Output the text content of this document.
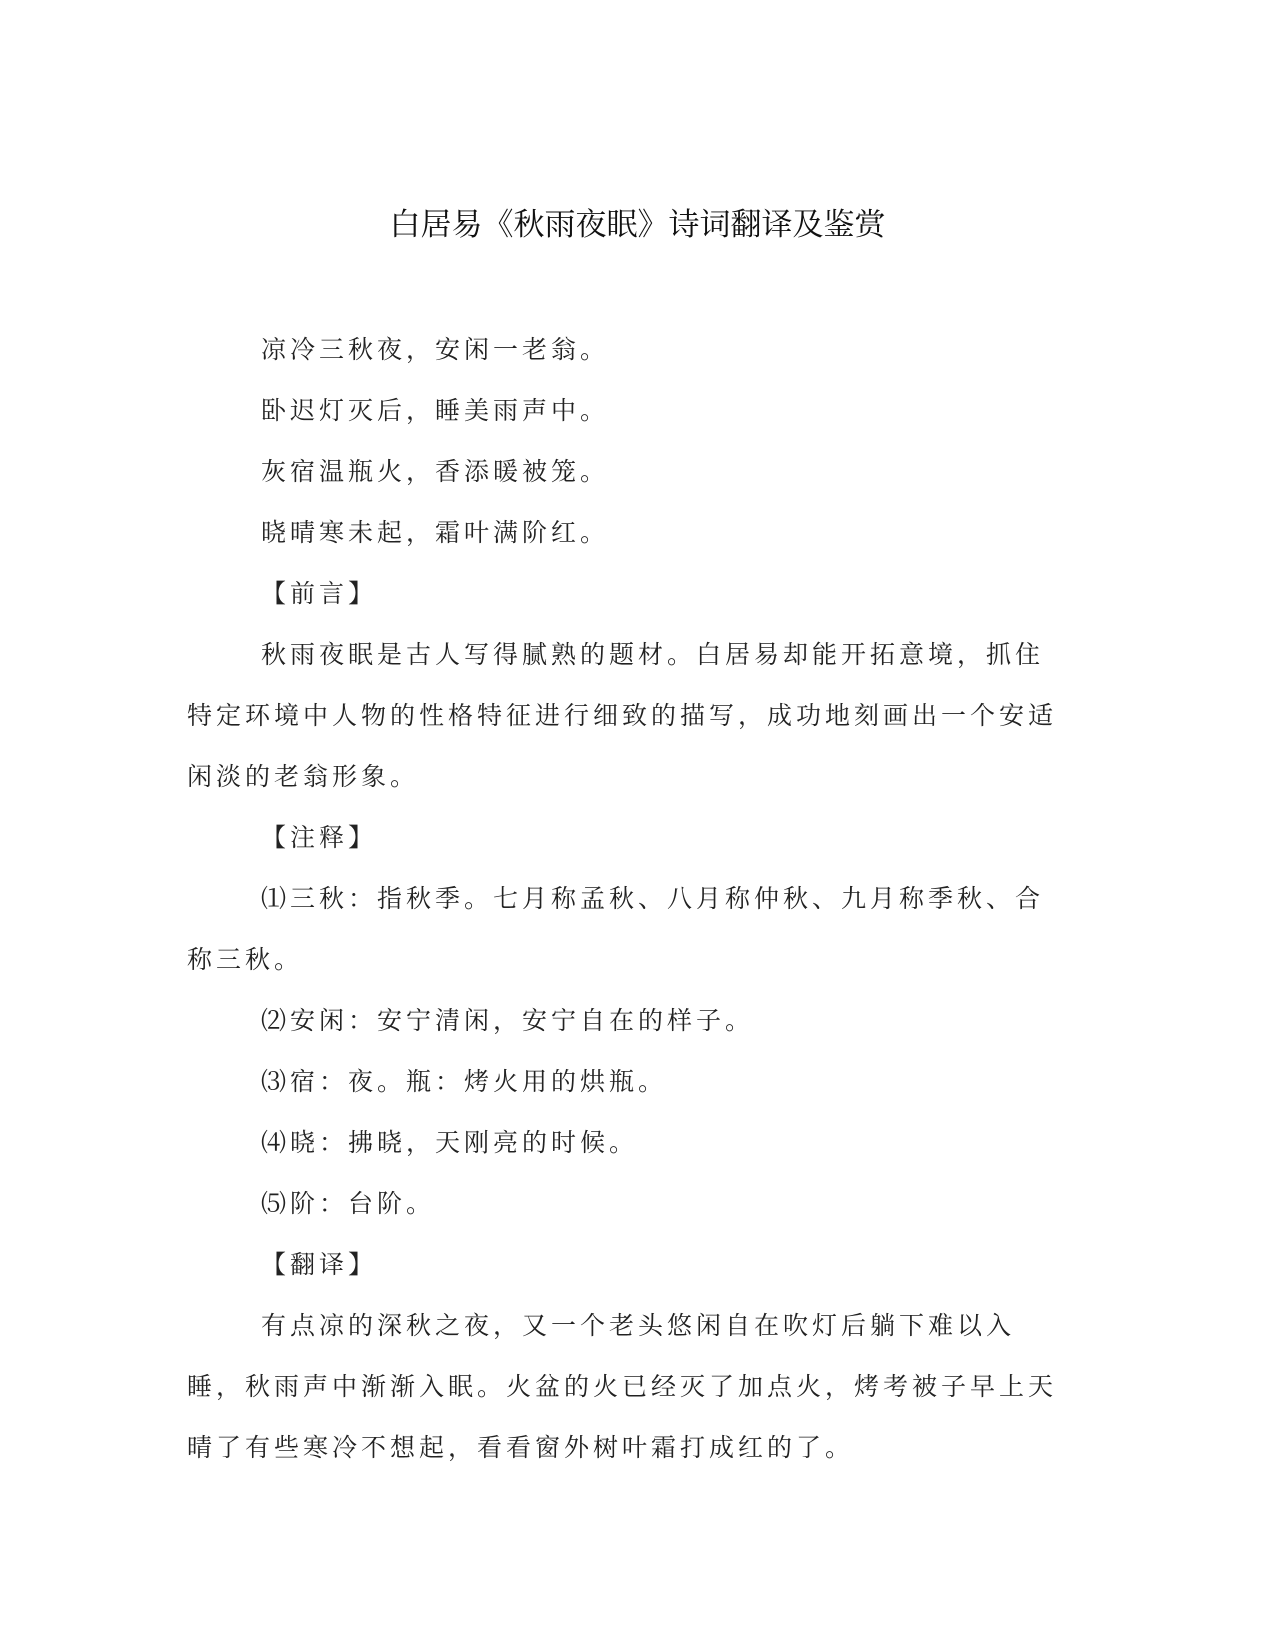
白居易《秋雨夜眠》诗词翻译及鉴赏

凉冷三秋夜，安闲一老翁。

卧迟灯灭后，睡美雨声中。

灰宿温瓶火，香添暖被笼。

晓晴寒未起，霜叶满阶红。

【前言】

秋雨夜眠是古人写得腻熟的题材。白居易却能开拓意境，抓住特定环境中人物的性格特征进行细致的描写，成功地刻画出一个安适闲淡的老翁形象。

【注释】

⑴三秋：指秋季。七月称孟秋、八月称仲秋、九月称季秋、合称三秋。

⑵安闲：安宁清闲，安宁自在的样子。

⑶宿：夜。瓶：烤火用的烘瓶。

⑷晓：拂晓，天刚亮的时候。

⑸阶：台阶。

【翻译】

有点凉的深秋之夜，又一个老头悠闲自在吹灯后躺下难以入睡，秋雨声中渐渐入眠。火盆的火已经灭了加点火，烤考被子早上天晴了有些寒冷不想起，看看窗外树叶霜打成红的了。
